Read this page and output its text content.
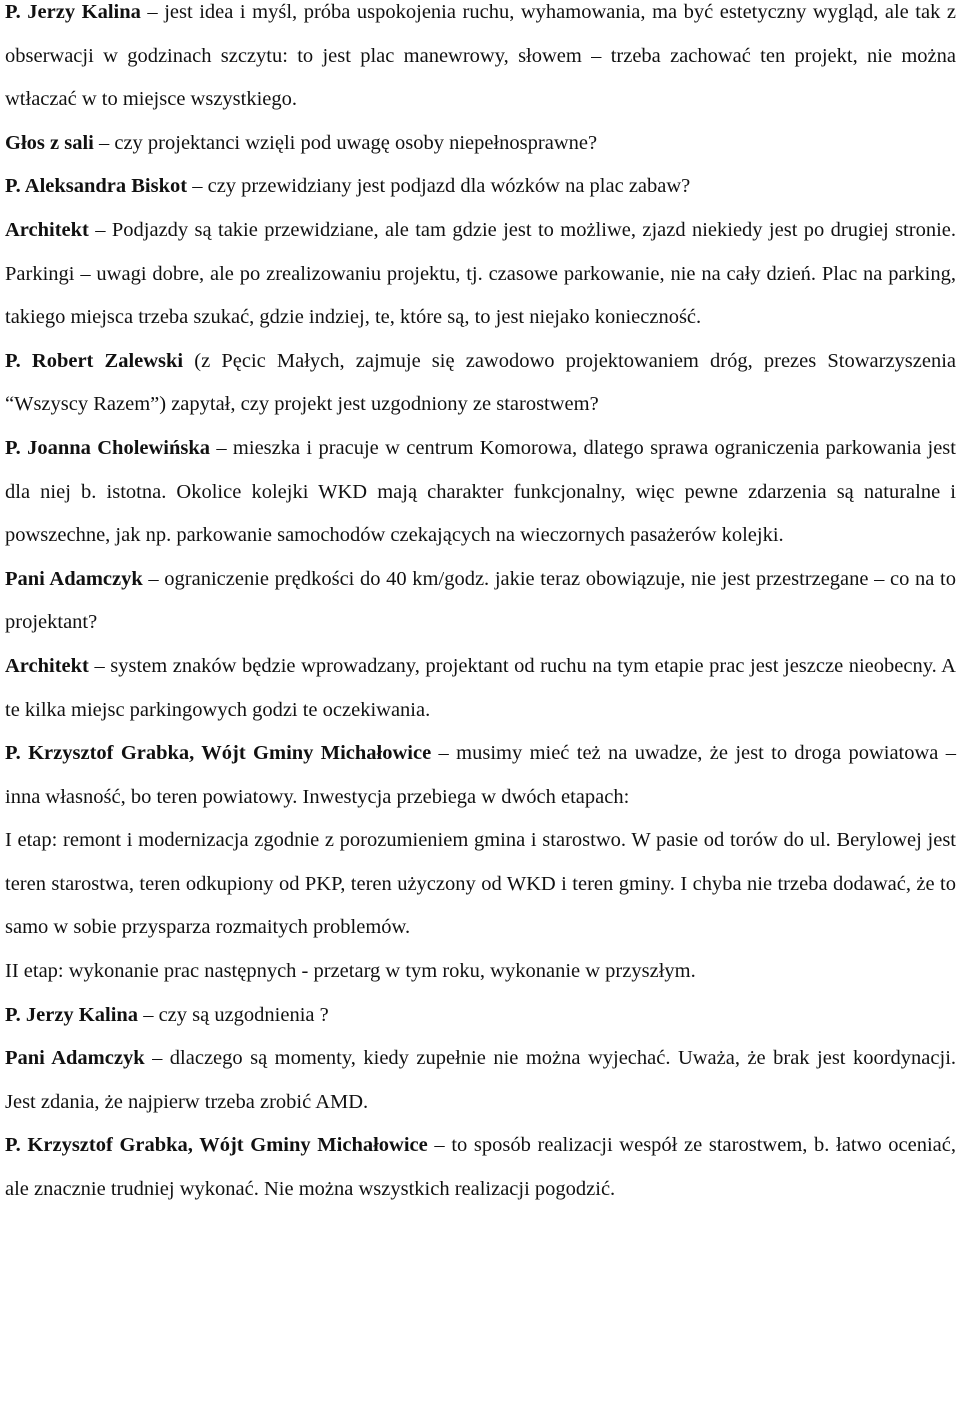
P. Jerzy Kalina – jest idea i myśl, próba uspokojenia ruchu, wyhamowania, ma być estetyczny wygląd, ale tak z obserwacji w godzinach szczytu: to jest plac manewrowy, słowem – trzeba zachować ten projekt, nie można wtłaczać w to miejsce wszystkiego.

Głos z sali – czy projektanci wzięli pod uwagę osoby niepełnosprawne?

P. Aleksandra Biskot – czy przewidziany jest podjazd dla wózków na plac zabaw?

Architekt – Podjazdy są takie przewidziane, ale tam gdzie jest to możliwe, zjazd niekiedy jest po drugiej stronie. Parkingi – uwagi dobre, ale po zrealizowaniu projektu, tj. czasowe parkowanie, nie na cały dzień. Plac na parking, takiego miejsca trzeba szukać, gdzie indziej, te, które są, to jest niejako konieczność.

P. Robert Zalewski (z Pęcic Małych, zajmuje się zawodowo projektowaniem dróg, prezes Stowarzyszenia “Wszyscy Razem”) zapytał, czy projekt jest uzgodniony ze starostwem?

P. Joanna Cholewińska – mieszka i pracuje w centrum Komorowa, dlatego sprawa ograniczenia parkowania jest dla niej b. istotna. Okolice kolejki WKD mają charakter funkcjonalny, więc pewne zdarzenia są naturalne i powszechne, jak np. parkowanie samochodów czekających na wieczornych pasażerów kolejki.

Pani Adamczyk – ograniczenie prędkości do 40 km/godz. jakie teraz obowiązuje, nie jest przestrzegane – co na to projektant?

Architekt – system znaków będzie wprowadzany, projektant od ruchu na tym etapie prac jest jeszcze nieobecny. A te kilka miejsc parkingowych godzi te oczekiwania.

P. Krzysztof Grabka, Wójt Gminy Michałowice – musimy mieć też na uwadze, że jest to droga powiatowa – inna własność, bo teren powiatowy. Inwestycja przebiega w dwóch etapach:

I etap: remont i modernizacja zgodnie z porozumieniem gmina i starostwo. W pasie od torów do ul. Berylowej jest teren starostwa, teren odkupiony od PKP, teren użyczony od WKD i teren gminy. I chyba nie trzeba dodawać, że to samo w sobie przysparza rozmaitych problemów.

II etap: wykonanie prac następnych - przetarg w tym roku, wykonanie w przyszłym.

P. Jerzy Kalina – czy są uzgodnienia ?

Pani Adamczyk – dlaczego są momenty, kiedy zupełnie nie można wyjechać. Uważa, że brak jest koordynacji. Jest zdania, że najpierw trzeba zrobić AMD.

P. Krzysztof Grabka, Wójt Gminy Michałowice – to sposób realizacji wespół ze starostwem, b. łatwo oceniać, ale znacznie trudniej wykonać. Nie można wszystkich realizacji pogodzić.
